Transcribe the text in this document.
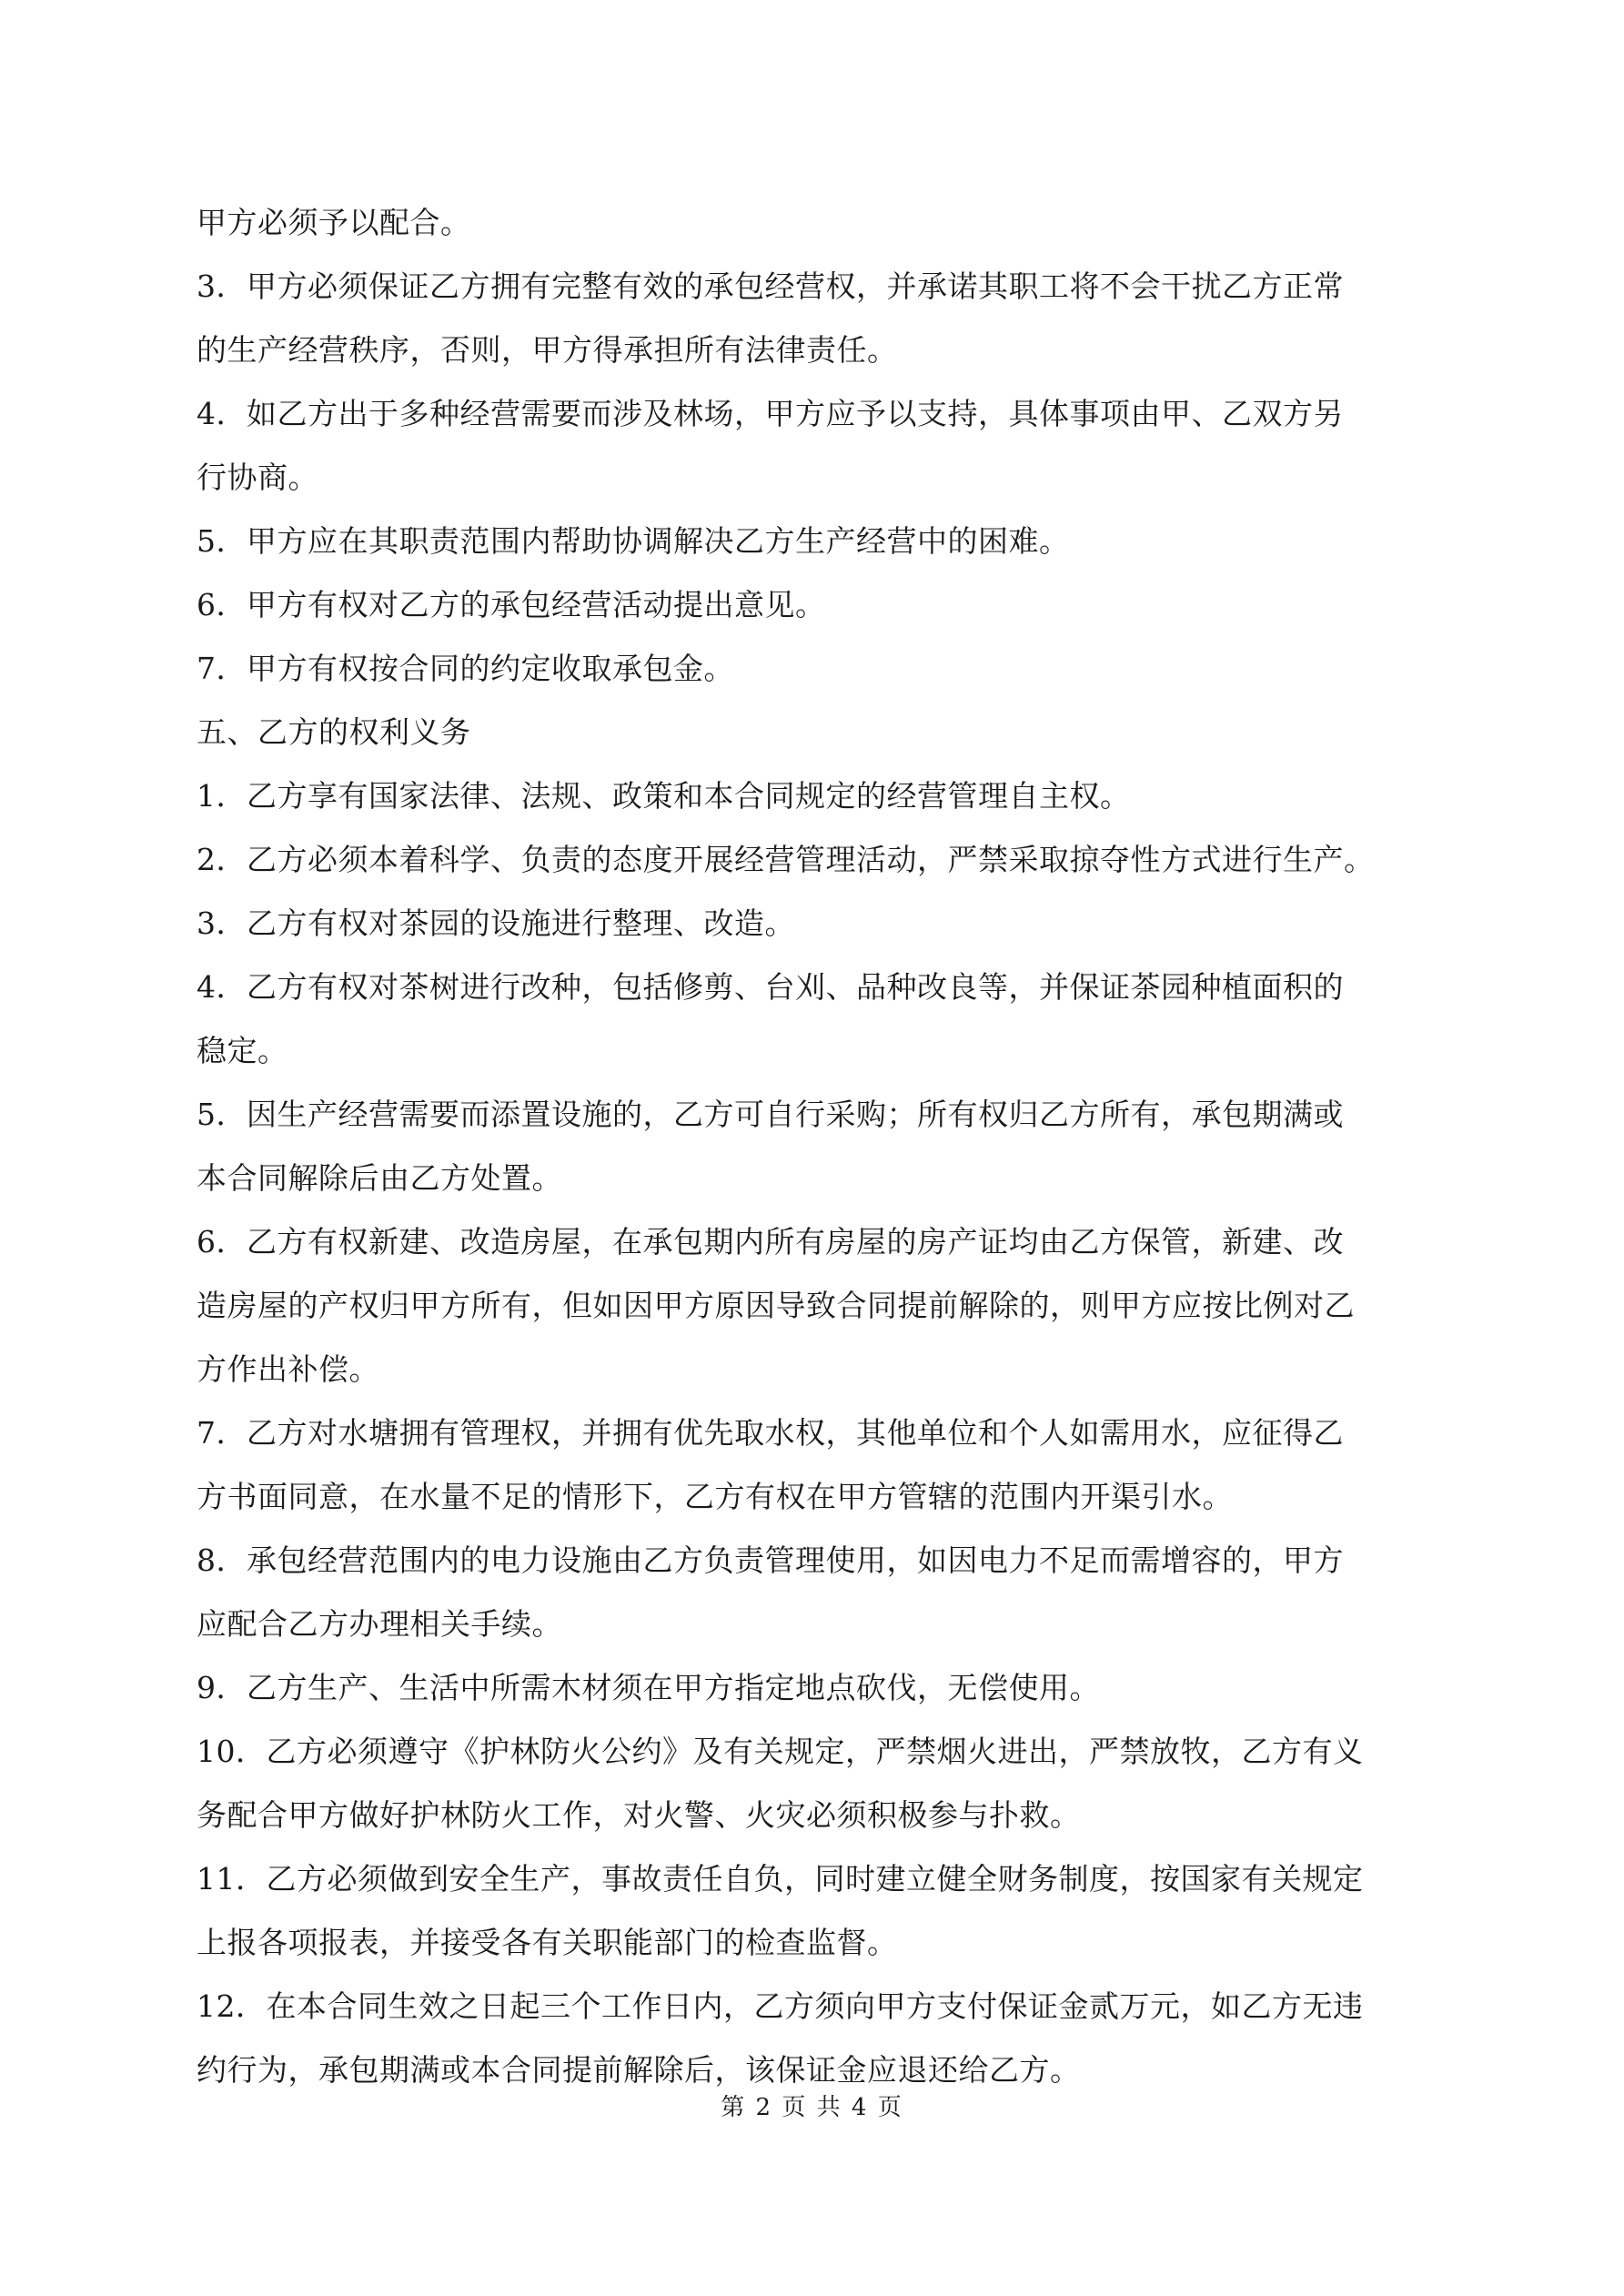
甲方必须予以配合。
3．甲方必须保证乙方拥有完整有效的承包经营权，并承诺其职工将不会干扰乙方正常
的生产经营秩序，否则，甲方得承担所有法律责任。
4．如乙方出于多种经营需要而涉及林场，甲方应予以支持，具体事项由甲、乙双方另
行协商。
5．甲方应在其职责范围内帮助协调解决乙方生产经营中的困难。
6．甲方有权对乙方的承包经营活动提出意见。
7．甲方有权按合同的约定收取承包金。
五、乙方的权利义务
1．乙方享有国家法律、法规、政策和本合同规定的经营管理自主权。
2．乙方必须本着科学、负责的态度开展经营管理活动，严禁采取掠夺性方式进行生产。
3．乙方有权对茶园的设施进行整理、改造。
4．乙方有权对茶树进行改种，包括修剪、台刈、品种改良等，并保证茶园种植面积的
稳定。
5．因生产经营需要而添置设施的，乙方可自行采购；所有权归乙方所有，承包期满或
本合同解除后由乙方处置。
6．乙方有权新建、改造房屋，在承包期内所有房屋的房产证均由乙方保管，新建、改
造房屋的产权归甲方所有，但如因甲方原因导致合同提前解除的，则甲方应按比例对乙
方作出补偿。
7．乙方对水塘拥有管理权，并拥有优先取水权，其他单位和个人如需用水，应征得乙
方书面同意，在水量不足的情形下，乙方有权在甲方管辖的范围内开渠引水。
8．承包经营范围内的电力设施由乙方负责管理使用，如因电力不足而需增容的，甲方
应配合乙方办理相关手续。
9．乙方生产、生活中所需木材须在甲方指定地点砍伐，无偿使用。
10．乙方必须遵守《护林防火公约》及有关规定，严禁烟火进出，严禁放牧，乙方有义
务配合甲方做好护林防火工作，对火警、火灾必须积极参与扑救。
11．乙方必须做到安全生产，事故责任自负，同时建立健全财务制度，按国家有关规定
上报各项报表，并接受各有关职能部门的检查监督。
12．在本合同生效之日起三个工作日内，乙方须向甲方支付保证金贰万元，如乙方无违
约行为，承包期满或本合同提前解除后，该保证金应退还给乙方。
第 2 页 共 4 页
